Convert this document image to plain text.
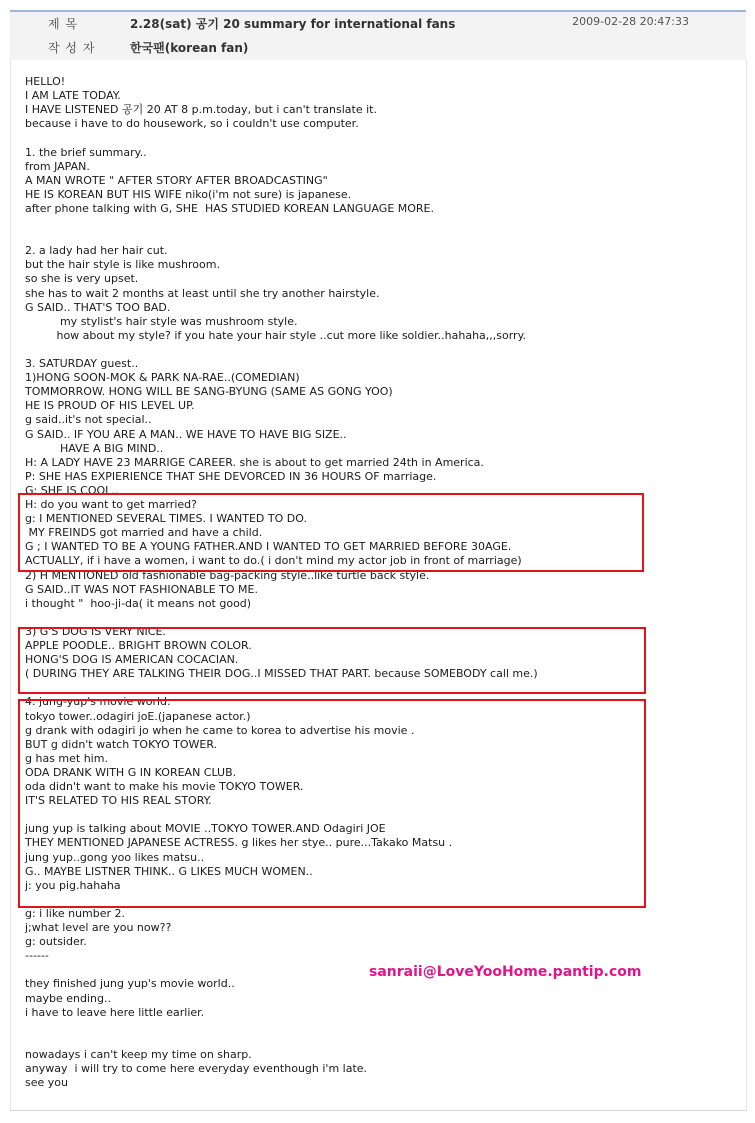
제 목	2.28(sat) 공기 20 summary for international fans	2009-02-28 20:47:33
작 성 자	한국팬(korean fan)
HELLO!
I AM LATE TODAY.
I HAVE LISTENED 공기 20 AT 8 p.m.today, but i can't translate it.
because i have to do housework, so i couldn't use computer.
1. the brief summary..
from JAPAN.
A MAN WROTE " AFTER STORY AFTER BROADCASTING"
HE IS KOREAN BUT HIS WIFE niko(i'm not sure) is japanese.
after phone talking with G, SHE  HAS STUDIED KOREAN LANGUAGE MORE.
2. a lady had her hair cut.
but the hair style is like mushroom.
so she is very upset.
she has to wait 2 months at least until she try another hairstyle.
G SAID.. THAT'S TOO BAD.
my stylist's hair style was mushroom style.
how about my style? if you hate your hair style ..cut more like soldier..hahaha,,,sorry.
3. SATURDAY guest..
1)HONG SOON-MOK & PARK NA-RAE..(COMEDIAN)
TOMMORROW. HONG WILL BE SANG-BYUNG (SAME AS GONG YOO)
HE IS PROUD OF HIS LEVEL UP.
g said..it's not special..
G SAID.. IF YOU ARE A MAN.. WE HAVE TO HAVE BIG SIZE..
HAVE A BIG MIND..
H: A LADY HAVE 23 MARRIGE CAREER. she is about to get married 24th in America.
P: SHE HAS EXPIERIENCE THAT SHE DEVORCED IN 36 HOURS OF marriage.
G: SHE IS COOL..
H: do you want to get married?
g: I MENTIONED SEVERAL TIMES. I WANTED TO DO.
MY FREINDS got married and have a child.
G ; I WANTED TO BE A YOUNG FATHER.AND I WANTED TO GET MARRIED BEFORE 30AGE.
ACTUALLY, if i have a women, i want to do.( i don't mind my actor job in front of marriage)
2) H MENTIONED old fashionable bag-packing style..like turtle back style.
G SAID..IT WAS NOT FASHIONABLE TO ME.
i thought "  hoo-ji-da( it means not good)
3) G'S DOG IS VERY NICE.
APPLE POODLE.. BRIGHT BROWN COLOR.
HONG'S DOG IS AMERICAN COCACIAN.
( DURING THEY ARE TALKING THEIR DOG..I MISSED THAT PART. because SOMEBODY call me.)
4. jung-yup's movie world.
tokyo tower..odagiri joE.(japanese actor.)
g drank with odagiri jo when he came to korea to advertise his movie .
BUT g didn't watch TOKYO TOWER.
g has met him.
ODA DRANK WITH G IN KOREAN CLUB.
oda didn't want to make his movie TOKYO TOWER.
IT'S RELATED TO HIS REAL STORY.
jung yup is talking about MOVIE ..TOKYO TOWER.AND Odagiri JOE
THEY MENTIONED JAPANESE ACTRESS. g likes her stye.. pure...Takako Matsu .
jung yup..gong yoo likes matsu..
G.. MAYBE LISTNER THINK.. G LIKES MUCH WOMEN..
j: you pig.hahaha
g: i like number 2.
j;what level are you now??
g: outsider.
------
they finished jung yup's movie world..
maybe ending..
i have to leave here little earlier.
nowadays i can't keep my time on sharp.
anyway  i will try to come here everyday eventhough i'm late.
see you
sanraii@LoveYooHome.pantip.com
